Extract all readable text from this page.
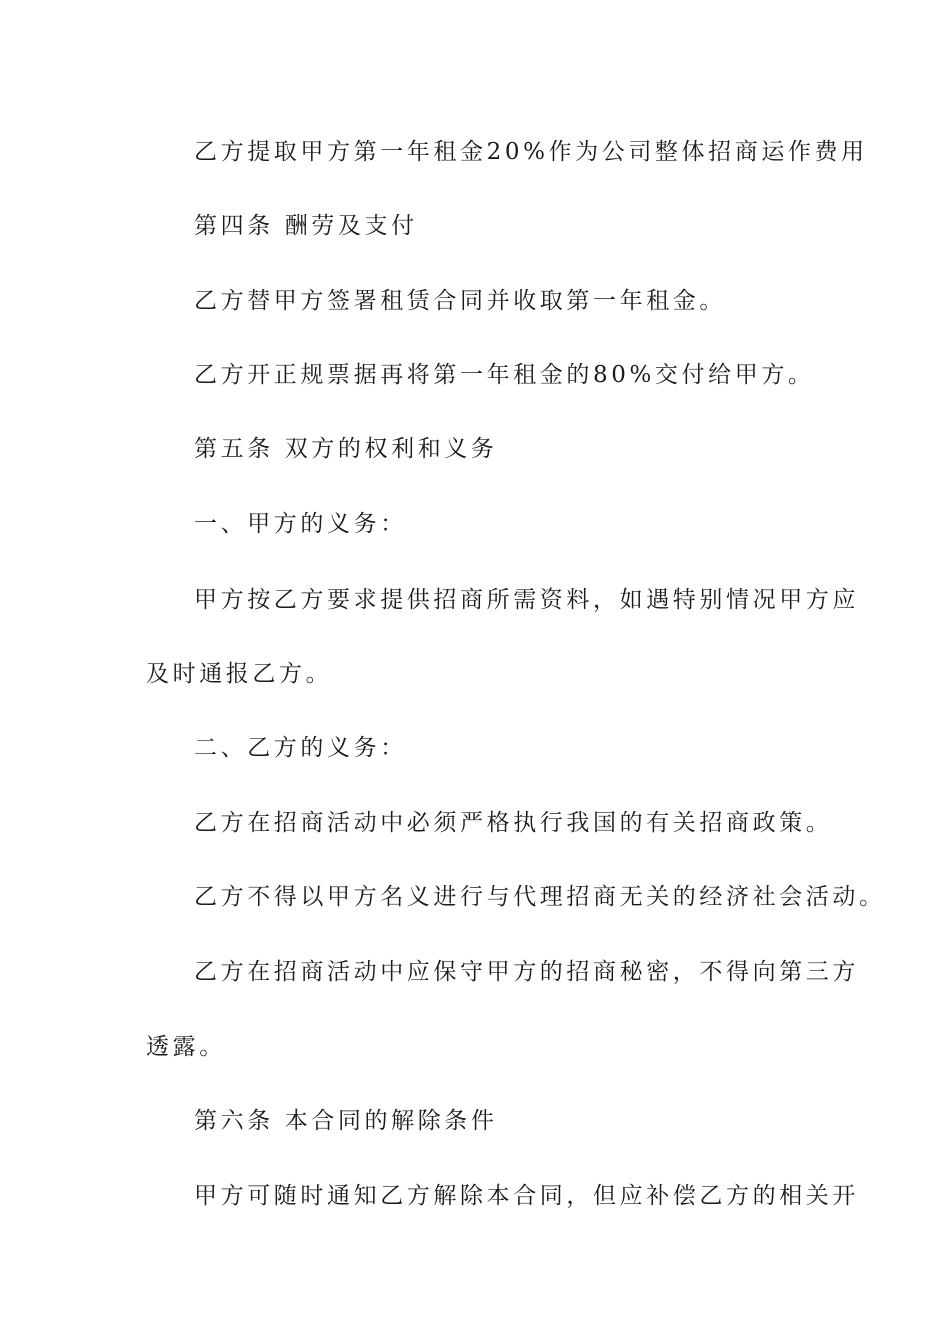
乙方提取甲方第一年租金20%作为公司整体招商运作费用
第四条 酬劳及支付
乙方替甲方签署租赁合同并收取第一年租金。
乙方开正规票据再将第一年租金的80%交付给甲方。
第五条 双方的权利和义务
一、甲方的义务：
甲方按乙方要求提供招商所需资料，如遇特别情况甲方应
及时通报乙方。
二、乙方的义务：
乙方在招商活动中必须严格执行我国的有关招商政策。
乙方不得以甲方名义进行与代理招商无关的经济社会活动。
乙方在招商活动中应保守甲方的招商秘密，不得向第三方
透露。
第六条 本合同的解除条件
甲方可随时通知乙方解除本合同，但应补偿乙方的相关开
